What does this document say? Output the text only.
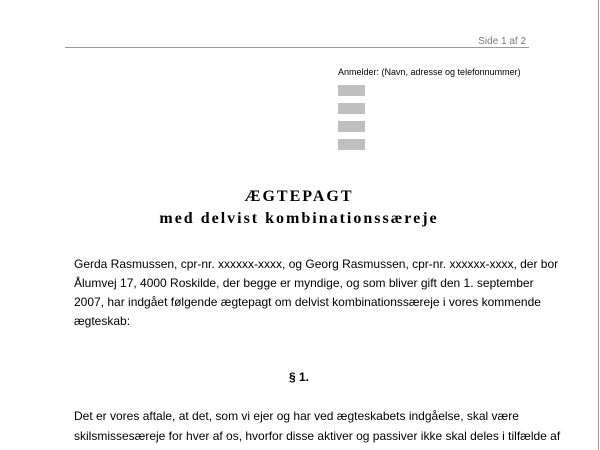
Side 1 af 2
Anmelder: (Navn, adresse og telefonnummer)
ÆGTEPAGT
med delvist kombinationssæreje
Gerda Rasmussen, cpr-nr. xxxxxx-xxxx, og Georg Rasmussen, cpr-nr. xxxxxx-xxxx, der bor
Ålumvej 17, 4000 Roskilde, der begge er myndige, og som bliver gift den 1. september
2007, har indgået følgende ægtepagt om delvist kombinationssæreje i vores kommende
ægteskab:
§ 1.
Det er vores aftale, at det, som vi ejer og har ved ægteskabets indgåelse, skal være
skilsmissesæreje for hver af os, hvorfor disse aktiver og passiver ikke skal deles i tilfælde af
